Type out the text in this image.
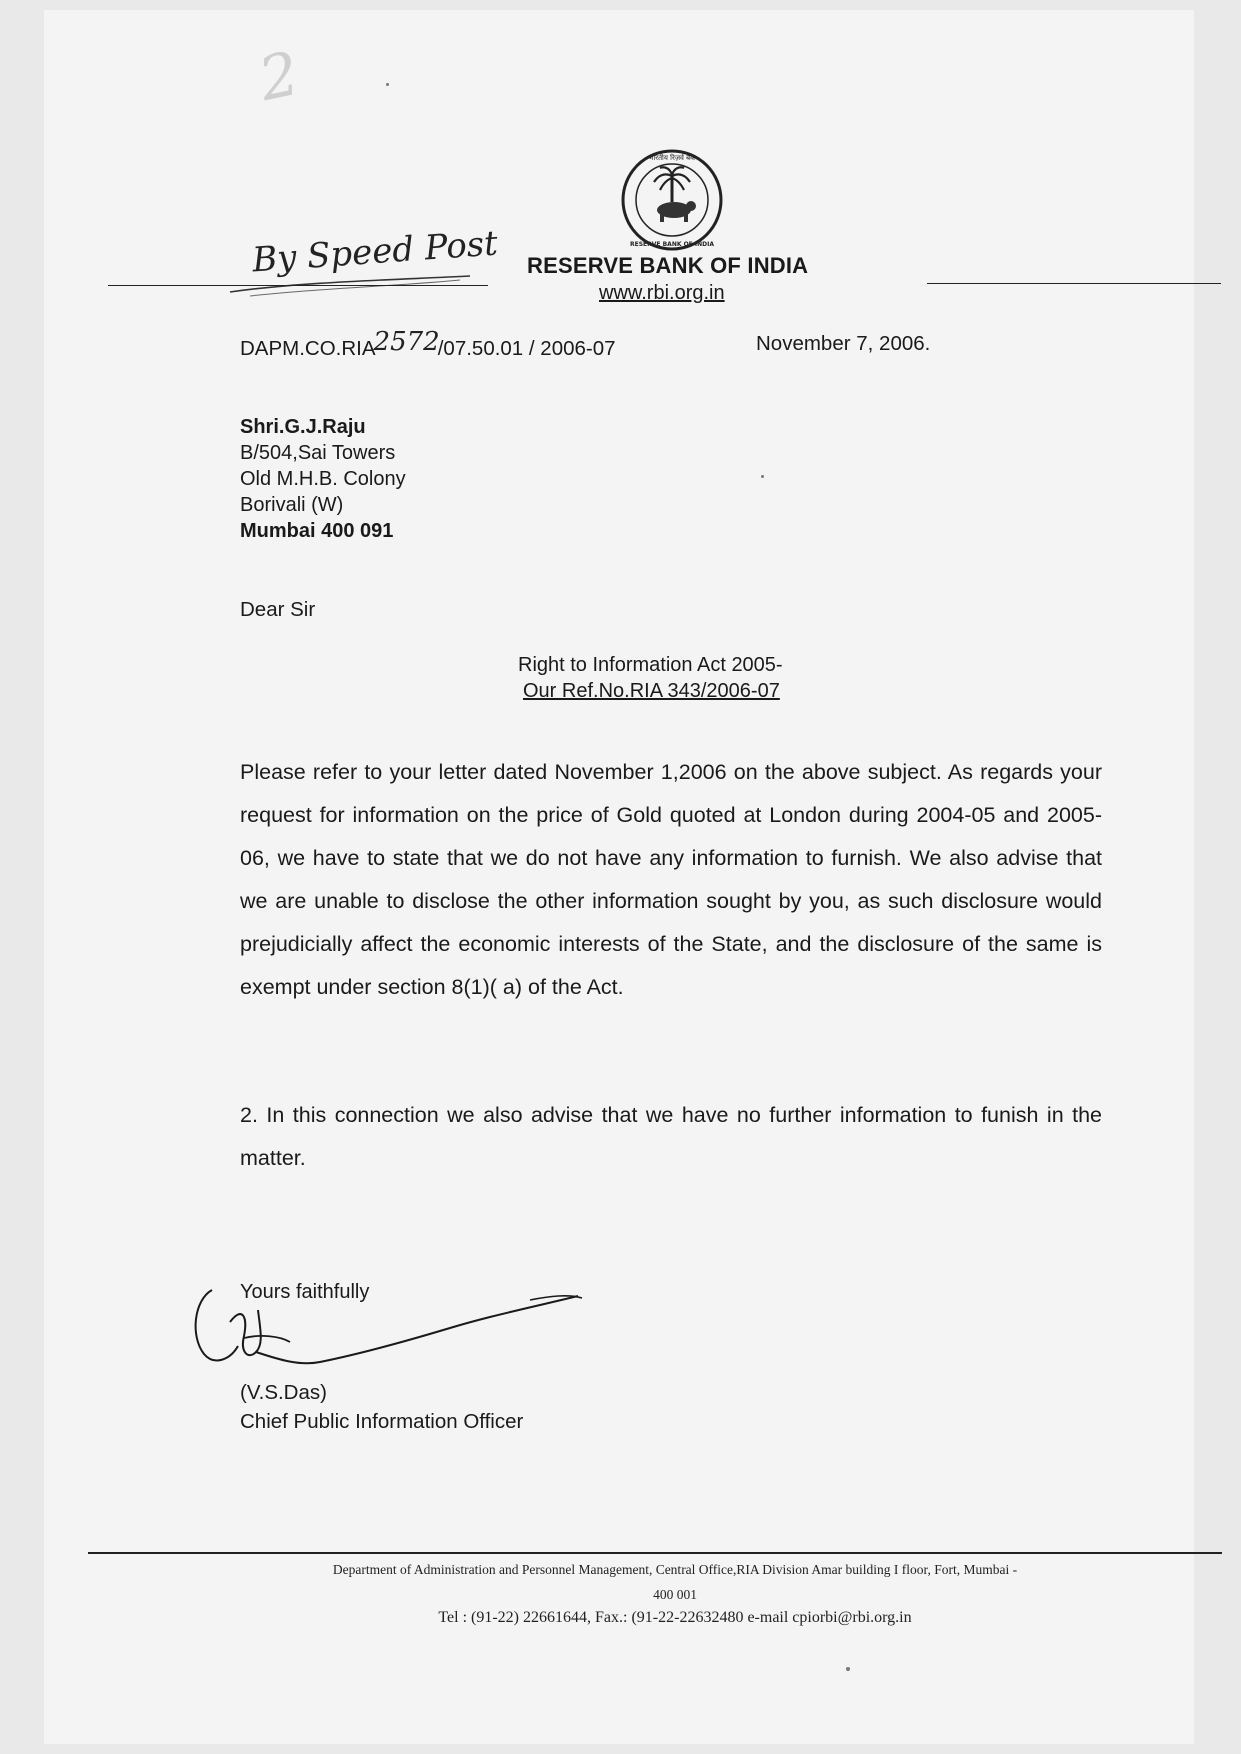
2
भारतीय रिज़र्व बैंक
RESERVE BANK OF INDIA
By Speed Post RESERVE BANK OF INDIA
www.rbi.org.in
DAPM.CO.RIA2572/07.50.01 / 2006-07	November 7, 2006.
Shri.G.J.Raju
B/504,Sai Towers
Old M.H.B. Colony
Borivali (W)
Mumbai 400 091
Dear Sir
Right to Information Act 2005-
Our Ref.No.RIA 343/2006-07
Please refer to your letter dated November 1,2006 on the above subject. As regards your request for information on the price of Gold quoted at London during 2004-05 and 2005-06, we have to state that we do not have any information to furnish. We also advise that we are unable to disclose the other information sought by you, as such disclosure would prejudicially affect the economic interests of the State, and the disclosure of the same is exempt under section 8(1)( a) of the Act.
2. In this connection we also advise that we have no further information to funish in the matter.
Yours faithfully
(V.S.Das)
Chief Public Information Officer
Department of Administration and Personnel Management, Central Office,RIA Division Amar building I floor, Fort, Mumbai -
400 001
Tel : (91-22) 22661644, Fax.: (91-22-22632480 e-mail cpiorbi@rbi.org.in
